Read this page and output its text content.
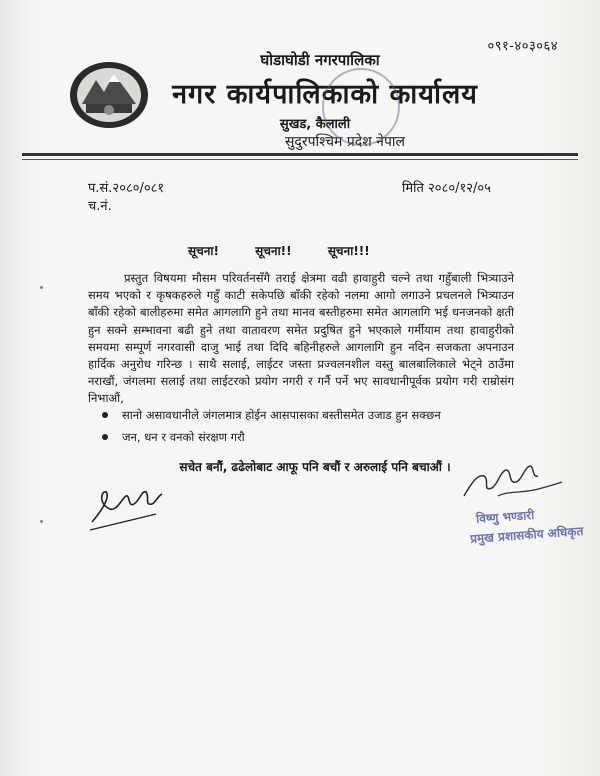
०९१-४०३०६४
घोडाघोडी नगरपालिका
नगर कार्यपालिकाको कार्यालय
सुखड, कैलाली
सुदुरपश्चिम प्रदेश नेपाल
प.सं.२०८०/०८१	मिति २०८०/१२/०५
च.नं.
सूचना!	सूचना!!	सूचना!!!
प्रस्तुत विषयमा मौसम परिवर्तनसँगै तराई क्षेत्रमा वढी हावाहुरी चल्ने तथा गहुँबाली भित्र्याउने समय भएको र कृषकहरुले गहुँ काटी सकेपछि बाँकी रहेको नलमा आगो लगाउने प्रचलनले भित्र्याउन बाँकी रहेको बालीहरुमा समेत आगलागि हुने तथा मानव बस्तीहरुमा समेत आगलागि भई धनजनको क्षती हुन सक्ने सम्भावना बढी हुने तथा वातावरण समेत प्रदुषित हुने भएकाले गर्मीयाम तथा हावाहुरीको समयमा सम्पूर्ण नगरवासी दाजु भाई तथा दिदि बहिनीहरुले आगलागि हुन नदिन सजकता अपनाउन हार्दिक अनुरोध गरिन्छ । साथै सलाई, लाईटर जस्ता प्रज्वलनशील वस्तु बालबालिकाले भेट्ने ठाउँमा नराखौं, जंगलमा सलाई तथा लाईटरको प्रयोग नगरी र गर्नै पर्ने भए सावधानीपूर्वक प्रयोग गरी राम्रोसंग निभाऔं,
सानो असावधानीले जंगलमात्र होईन आसपासका बस्तीसमेत उजाड हुन सक्छन
जन, धन र वनको संरक्षण गरौ
सचेत बनौं, ढढेलोबाट आफू पनि बचौं र अरुलाई पनि बचाऔं ।
विष्णु भण्डारी
प्रमुख प्रशासकीय अधिकृत
